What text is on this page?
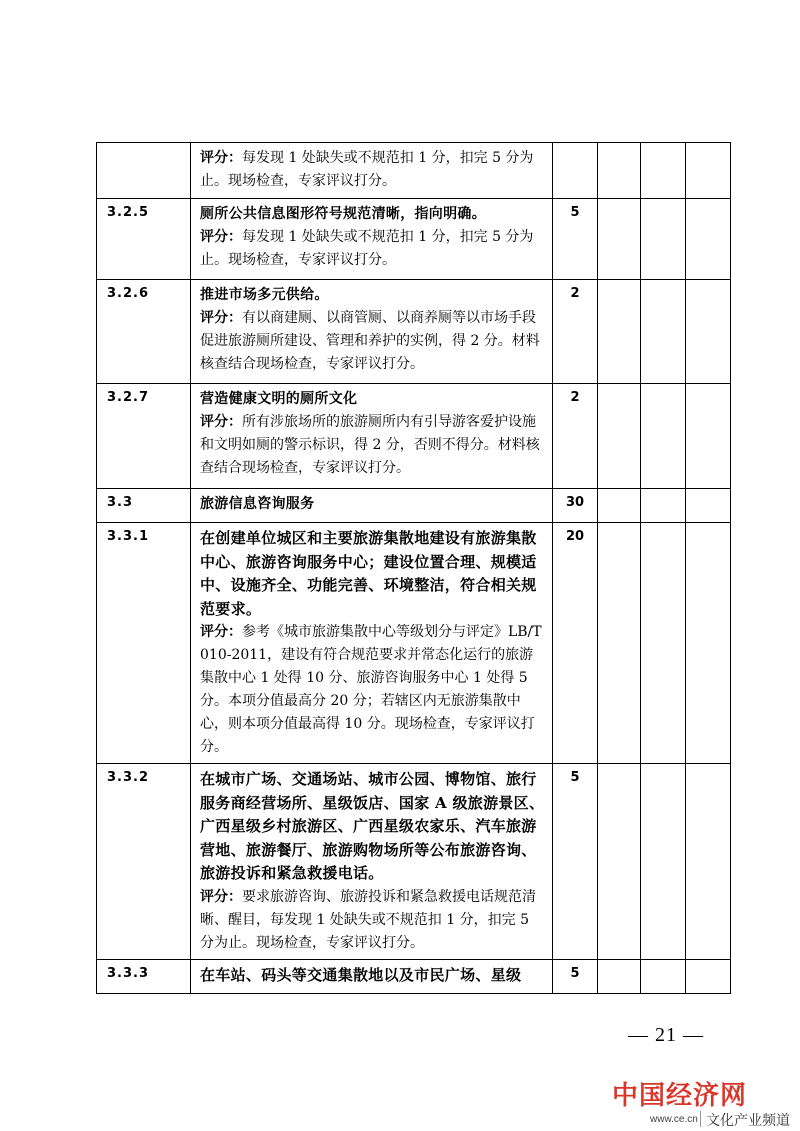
	评分：每发现 1 处缺失或不规范扣 1 分，扣完 5 分为止。现场检查，专家评议打分。				

3.2.5	厕所公共信息图形符号规范清晰，指向明确。
评分：每发现 1 处缺失或不规范扣 1 分，扣完 5 分为止。现场检查，专家评议打分。	5			

3.2.6	推进市场多元供给。
评分：有以商建厕、以商管厕、以商养厕等以市场手段促进旅游厕所建设、管理和养护的实例，得 2 分。材料核查结合现场检查，专家评议打分。	2			

3.2.7	营造健康文明的厕所文化
评分：所有涉旅场所的旅游厕所内有引导游客爱护设施和文明如厕的警示标识，得 2 分，否则不得分。材料核查结合现场检查，专家评议打分。	2			

3.3	旅游信息咨询服务	30			

3.3.1	在创建单位城区和主要旅游集散地建设有旅游集散中心、旅游咨询服务中心；建设位置合理、规模适中、设施齐全、功能完善、环境整洁，符合相关规范要求。
评分：参考《城市旅游集散中心等级划分与评定》LB/T 010-2011，建设有符合规范要求并常态化运行的旅游集散中心 1 处得 10 分、旅游咨询服务中心 1 处得 5 分。本项分值最高分 20 分；若辖区内无旅游集散中心，则本项分值最高得 10 分。现场检查，专家评议打分。	20			

3.3.2	在城市广场、交通场站、城市公园、博物馆、旅行服务商经营场所、星级饭店、国家 A 级旅游景区、广西星级乡村旅游区、广西星级农家乐、汽车旅游营地、旅游餐厅、旅游购物场所等公布旅游咨询、旅游投诉和紧急救援电话。
评分：要求旅游咨询、旅游投诉和紧急救援电话规范清晰、醒目，每发现 1 处缺失或不规范扣 1 分，扣完 5 分为止。现场检查，专家评议打分。	5			

3.3.3	在车站、码头等交通集散地以及市民广场、星级	5			

— 21 —
中国经济网
www.ce.cn 文化产业频道
